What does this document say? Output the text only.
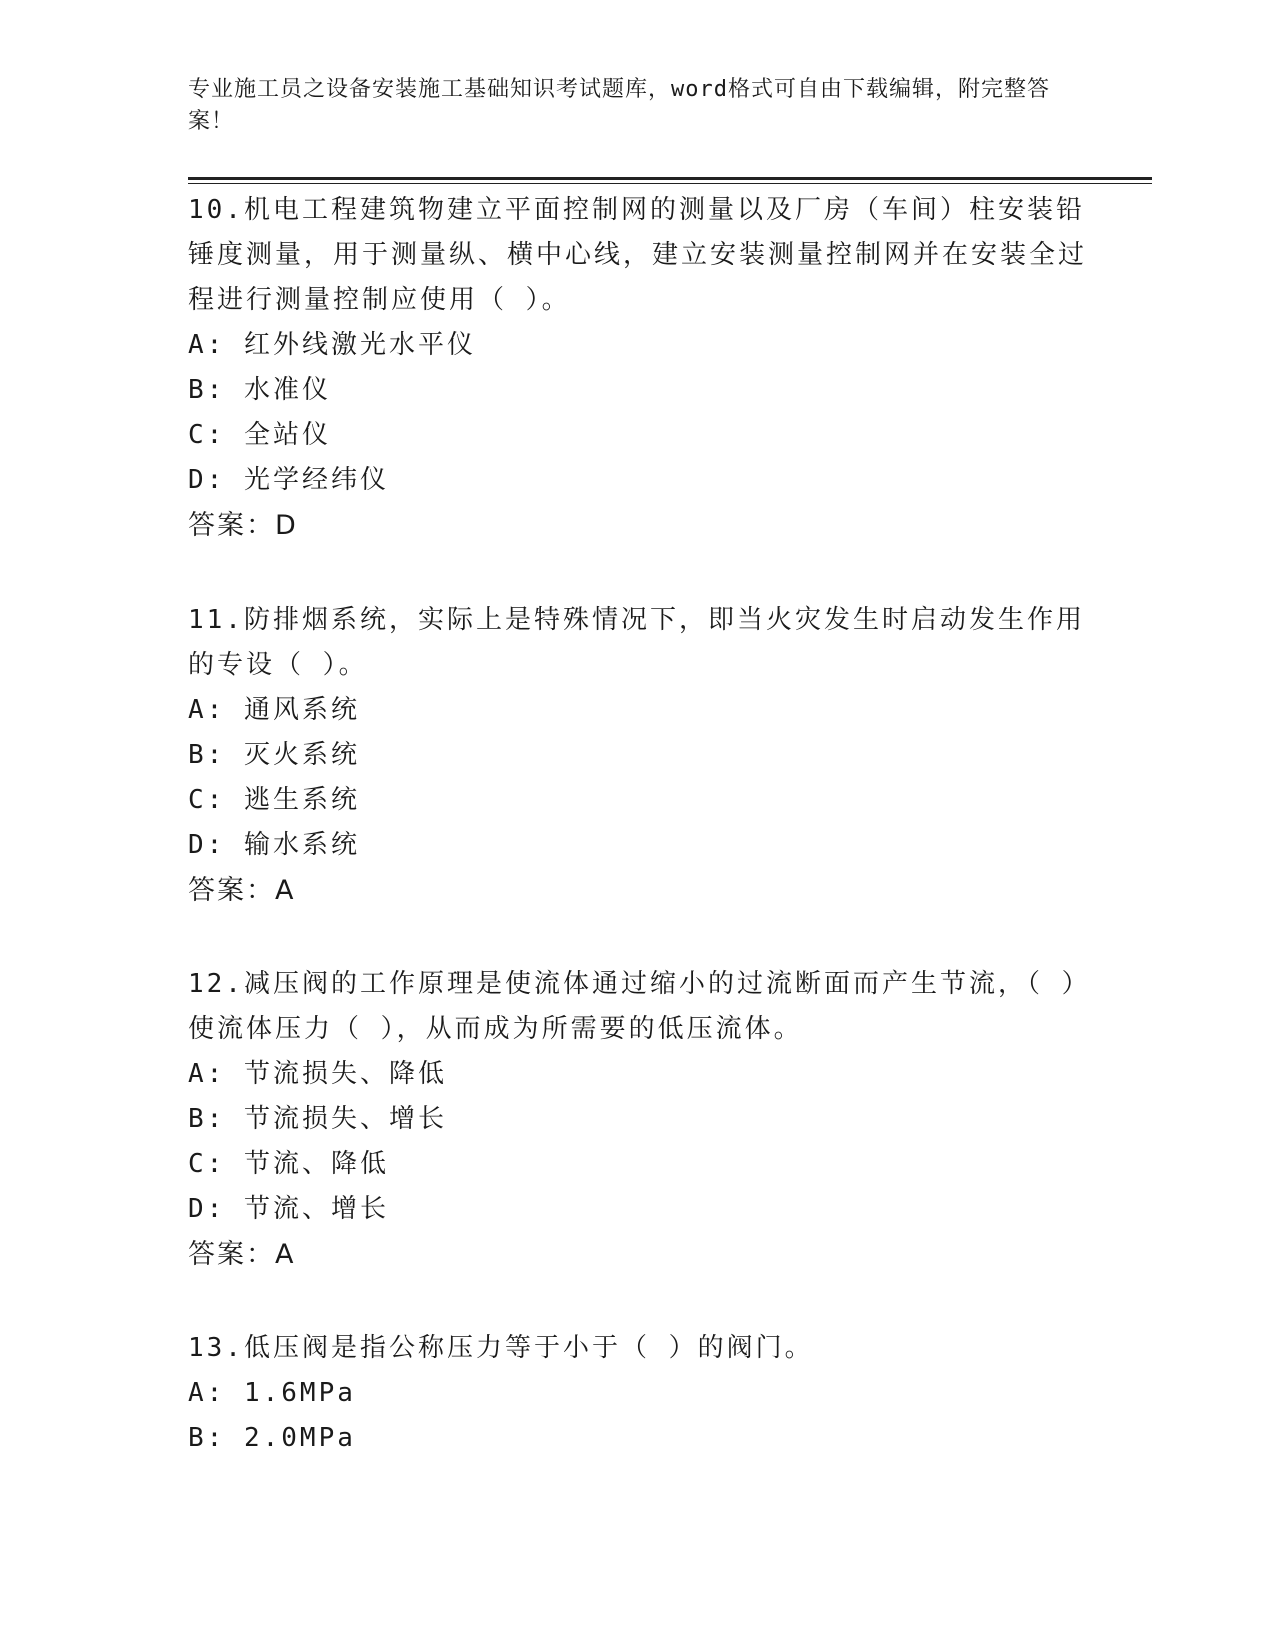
专业施工员之设备安装施工基础知识考试题库，word格式可自由下载编辑，附完整答案！

10.机电工程建筑物建立平面控制网的测量以及厂房（车间）柱安装铅锤度测量，用于测量纵、横中心线，建立安装测量控制网并在安装全过程进行测量控制应使用（ ）。

A: 红外线激光水平仪

B: 水准仪

C: 全站仪

D: 光学经纬仪

答案：D

11.防排烟系统，实际上是特殊情况下，即当火灾发生时启动发生作用的专设（ ）。

A: 通风系统

B: 灭火系统

C: 逃生系统

D: 输水系统

答案：A

12.减压阀的工作原理是使流体通过缩小的过流断面而产生节流，（ ）使流体压力（ ），从而成为所需要的低压流体。

A: 节流损失、降低

B: 节流损失、增长

C: 节流、降低

D: 节流、增长

答案：A

13.低压阀是指公称压力等于小于（ ）的阀门。

A: 1.6MPa

B: 2.0MPa
